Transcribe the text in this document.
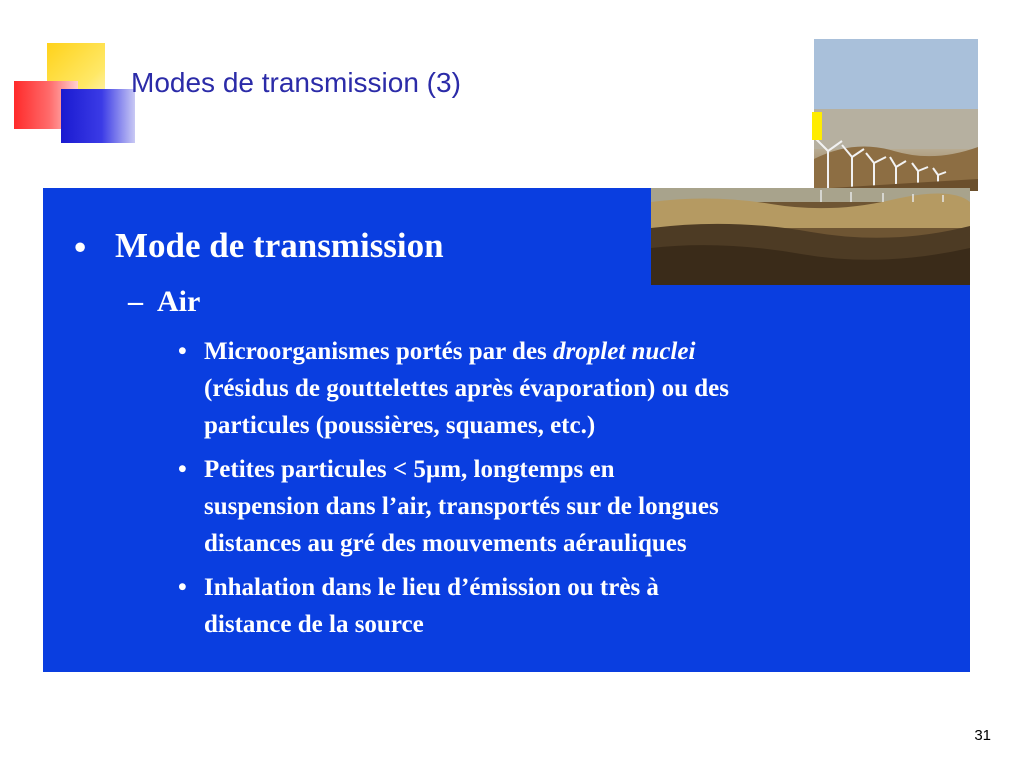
Modes de transmission (3)
• Mode de transmission
– Air
• Microorganismes portés par des droplet nuclei
(résidus de gouttelettes après évaporation) ou des
particules (poussières, squames, etc.)
• Petites particules < 5µm, longtemps en
suspension dans l’air, transportés sur de longues
distances au gré des mouvements aérauliques
• Inhalation dans le lieu d’émission ou très à
distance de la source
31
